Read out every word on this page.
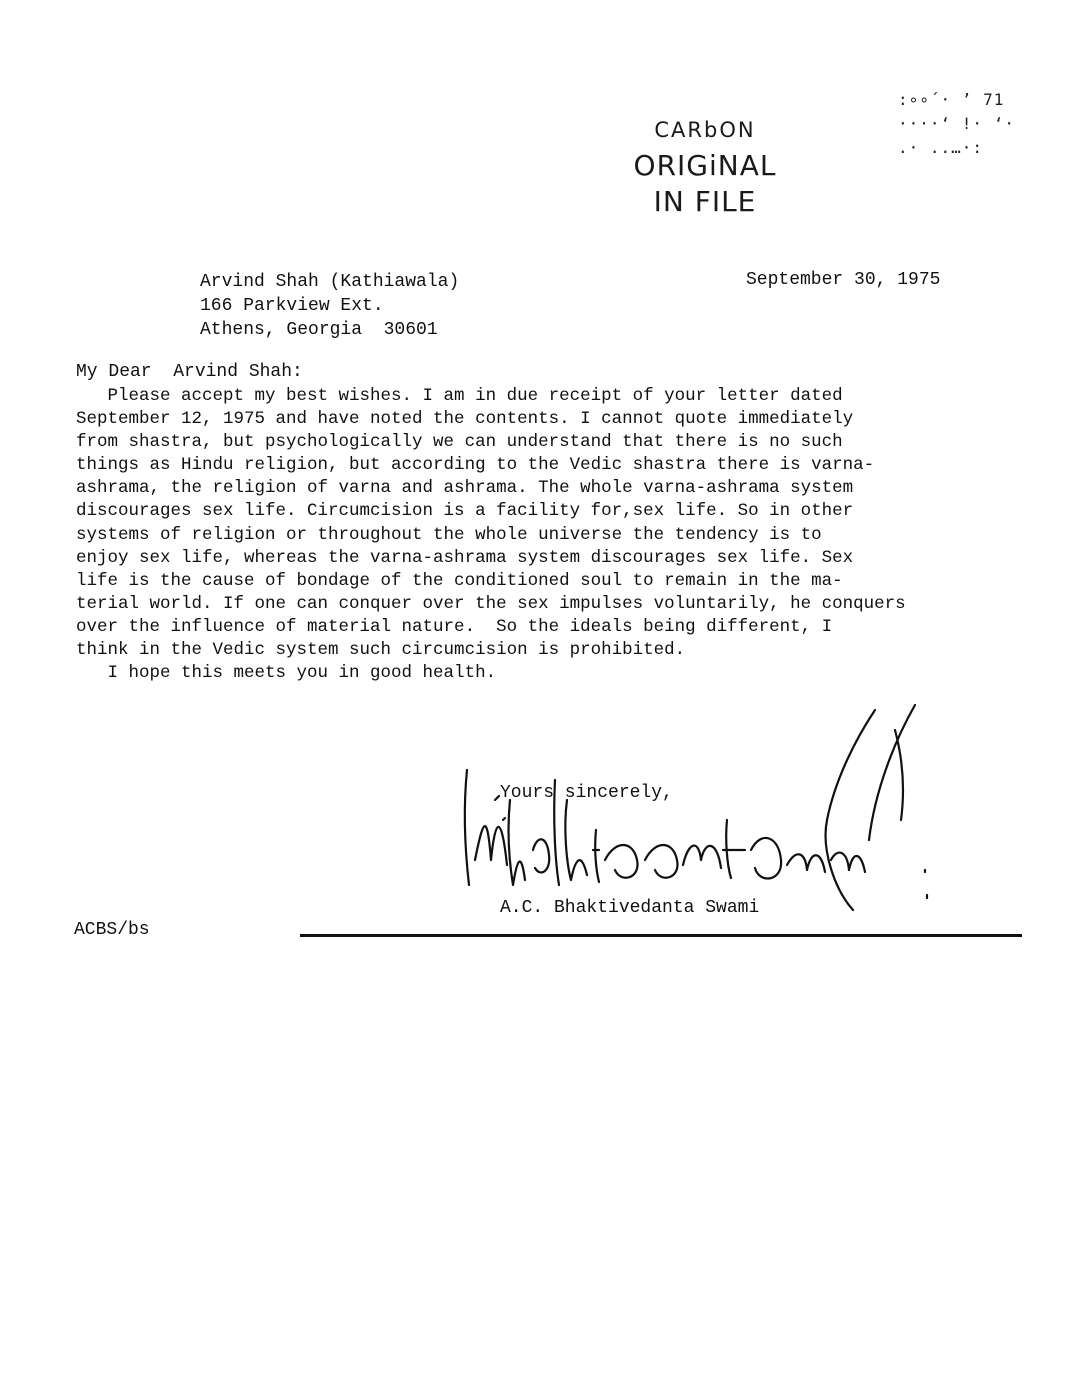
:∘∘´· ’ 71
····‘ !· ‘·
.· ..…·:
CARbON
ORIGiNAL
IN FILE
Arvind Shah (Kathiawala)
166 Parkview Ext.
Athens, Georgia  30601
September 30, 1975
My Dear  Arvind Shah:
Please accept my best wishes. I am in due receipt of your letter dated
September 12, 1975 and have noted the contents. I cannot quote immediately
from shastra, but psychologically we can understand that there is no such
things as Hindu religion, but according to the Vedic shastra there is varna-
ashrama, the religion of varna and ashrama. The whole varna-ashrama system
discourages sex life. Circumcision is a facility for,sex life. So in other
systems of religion or throughout the whole universe the tendency is to
enjoy sex life, whereas the varna-ashrama system discourages sex life. Sex
life is the cause of bondage of the conditioned soul to remain in the ma-
terial world. If one can conquer over the sex impulses voluntarily, he conquers
over the influence of material nature.  So the ideals being different, I
think in the Vedic system such circumcision is prohibited.
I hope this meets you in good health.
Yours sincerely,
A.C. Bhaktivedanta Swami
ACBS/bs
